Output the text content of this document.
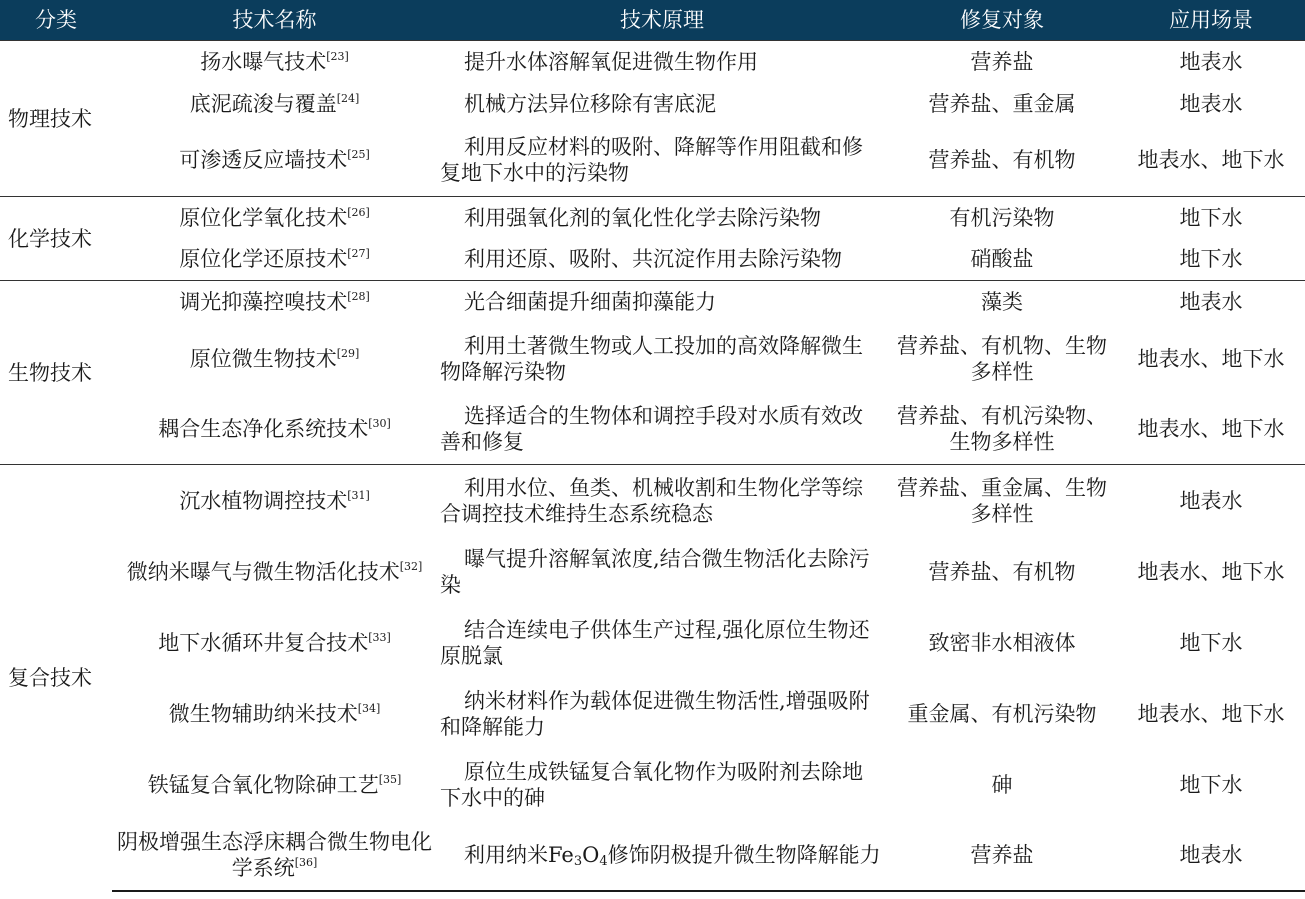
分类	技术名称	技术原理	修复对象	应用场景
物理技术	扬水曝气技术[23]	提升水体溶解氧促进微生物作用	营养盐	地表水
	底泥疏浚与覆盖[24]	机械方法异位移除有害底泥	营养盐、重金属	地表水
	可渗透反应墙技术[25]	利用反应材料的吸附、降解等作用阻截和修复地下水中的污染物	营养盐、有机物	地表水、地下水
化学技术	原位化学氧化技术[26]	利用强氧化剂的氧化性化学去除污染物	有机污染物	地下水
	原位化学还原技术[27]	利用还原、吸附、共沉淀作用去除污染物	硝酸盐	地下水
生物技术	调光抑藻控嗅技术[28]	光合细菌提升细菌抑藻能力	藻类	地表水
	原位微生物技术[29]	利用土著微生物或人工投加的高效降解微生物降解污染物	营养盐、有机物、生物多样性	地表水、地下水
	耦合生态净化系统技术[30]	选择适合的生物体和调控手段对水质有效改善和修复	营养盐、有机污染物、生物多样性	地表水、地下水
复合技术	沉水植物调控技术[31]	利用水位、鱼类、机械收割和生物化学等综合调控技术维持生态系统稳态	营养盐、重金属、生物多样性	地表水
	微纳米曝气与微生物活化技术[32]	曝气提升溶解氧浓度,结合微生物活化去除污染	营养盐、有机物	地表水、地下水
	地下水循环井复合技术[33]	结合连续电子供体生产过程,强化原位生物还原脱氯	致密非水相液体	地下水
	微生物辅助纳米技术[34]	纳米材料作为载体促进微生物活性,增强吸附和降解能力	重金属、有机污染物	地表水、地下水
	铁锰复合氧化物除砷工艺[35]	原位生成铁锰复合氧化物作为吸附剂去除地下水中的砷	砷	地下水
	阴极增强生态浮床耦合微生物电化学系统[36]	利用纳米$Fe_3O_4$修饰阴极提升微生物降解能力	营养盐	地表水
